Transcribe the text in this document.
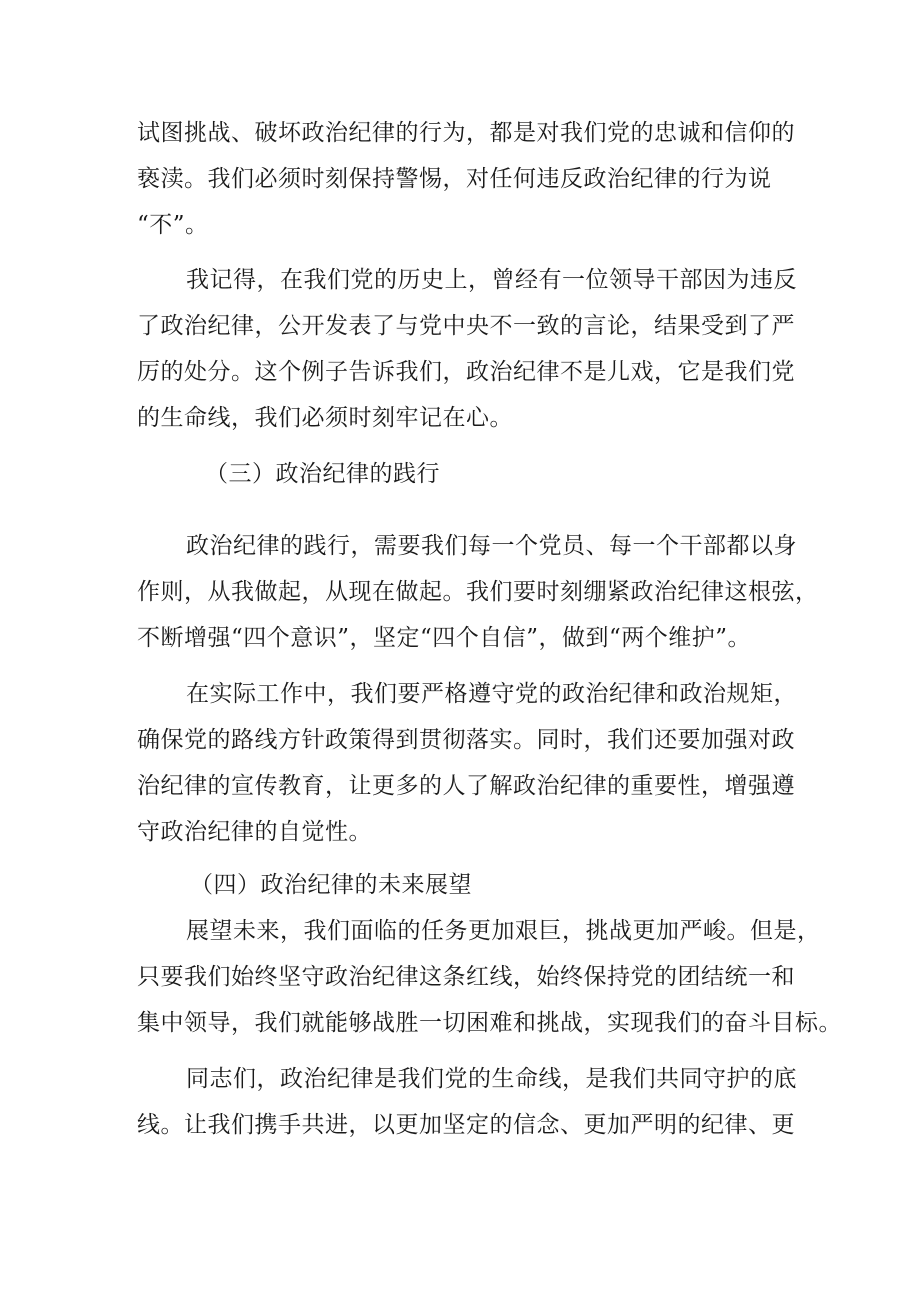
试图挑战、破坏政治纪律的行为，都是对我们党的忠诚和信仰的
亵渎。我们必须时刻保持警惕，对任何违反政治纪律的行为说
“不”。
我记得，在我们党的历史上，曾经有一位领导干部因为违反
了政治纪律，公开发表了与党中央不一致的言论，结果受到了严
厉的处分。这个例子告诉我们，政治纪律不是儿戏，它是我们党
的生命线，我们必须时刻牢记在心。
（三）政治纪律的践行
政治纪律的践行，需要我们每一个党员、每一个干部都以身
作则，从我做起，从现在做起。我们要时刻绷紧政治纪律这根弦，
不断增强“四个意识”，坚定“四个自信”，做到“两个维护”。
在实际工作中，我们要严格遵守党的政治纪律和政治规矩，
确保党的路线方针政策得到贯彻落实。同时，我们还要加强对政
治纪律的宣传教育，让更多的人了解政治纪律的重要性，增强遵
守政治纪律的自觉性。
（四）政治纪律的未来展望
展望未来，我们面临的任务更加艰巨，挑战更加严峻。但是，
只要我们始终坚守政治纪律这条红线，始终保持党的团结统一和
集中领导，我们就能够战胜一切困难和挑战，实现我们的奋斗目标。
同志们，政治纪律是我们党的生命线，是我们共同守护的底
线。让我们携手共进，以更加坚定的信念、更加严明的纪律、更
